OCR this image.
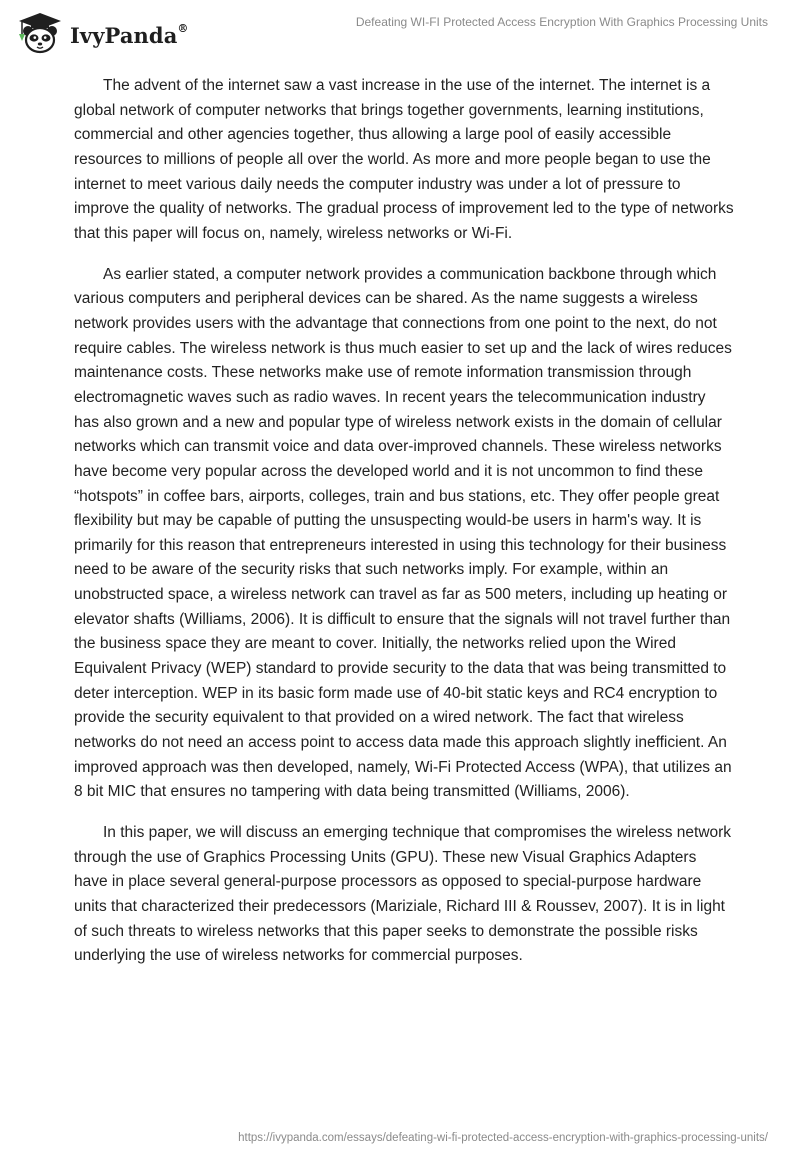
IvyPanda®	Defeating WI-FI Protected Access Encryption With Graphics Processing Units

The advent of the internet saw a vast increase in the use of the internet. The internet is a global network of computer networks that brings together governments, learning institutions, commercial and other agencies together, thus allowing a large pool of easily accessible resources to millions of people all over the world. As more and more people began to use the internet to meet various daily needs the computer industry was under a lot of pressure to improve the quality of networks. The gradual process of improvement led to the type of networks that this paper will focus on, namely, wireless networks or Wi-Fi.

As earlier stated, a computer network provides a communication backbone through which various computers and peripheral devices can be shared. As the name suggests a wireless network provides users with the advantage that connections from one point to the next, do not require cables. The wireless network is thus much easier to set up and the lack of wires reduces maintenance costs. These networks make use of remote information transmission through electromagnetic waves such as radio waves. In recent years the telecommunication industry has also grown and a new and popular type of wireless network exists in the domain of cellular networks which can transmit voice and data over-improved channels. These wireless networks have become very popular across the developed world and it is not uncommon to find these “hotspots” in coffee bars, airports, colleges, train and bus stations, etc. They offer people great flexibility but may be capable of putting the unsuspecting would-be users in harm's way. It is primarily for this reason that entrepreneurs interested in using this technology for their business need to be aware of the security risks that such networks imply. For example, within an unobstructed space, a wireless network can travel as far as 500 meters, including up heating or elevator shafts (Williams, 2006). It is difficult to ensure that the signals will not travel further than the business space they are meant to cover. Initially, the networks relied upon the Wired Equivalent Privacy (WEP) standard to provide security to the data that was being transmitted to deter interception. WEP in its basic form made use of 40-bit static keys and RC4 encryption to provide the security equivalent to that provided on a wired network. The fact that wireless networks do not need an access point to access data made this approach slightly inefficient. An improved approach was then developed, namely, Wi-Fi Protected Access (WPA), that utilizes an 8 bit MIC that ensures no tampering with data being transmitted (Williams, 2006).

In this paper, we will discuss an emerging technique that compromises the wireless network through the use of Graphics Processing Units (GPU). These new Visual Graphics Adapters have in place several general-purpose processors as opposed to special-purpose hardware units that characterized their predecessors (Mariziale, Richard III & Roussev, 2007). It is in light of such threats to wireless networks that this paper seeks to demonstrate the possible risks underlying the use of wireless networks for commercial purposes.

https://ivypanda.com/essays/defeating-wi-fi-protected-access-encryption-with-graphics-processing-units/
